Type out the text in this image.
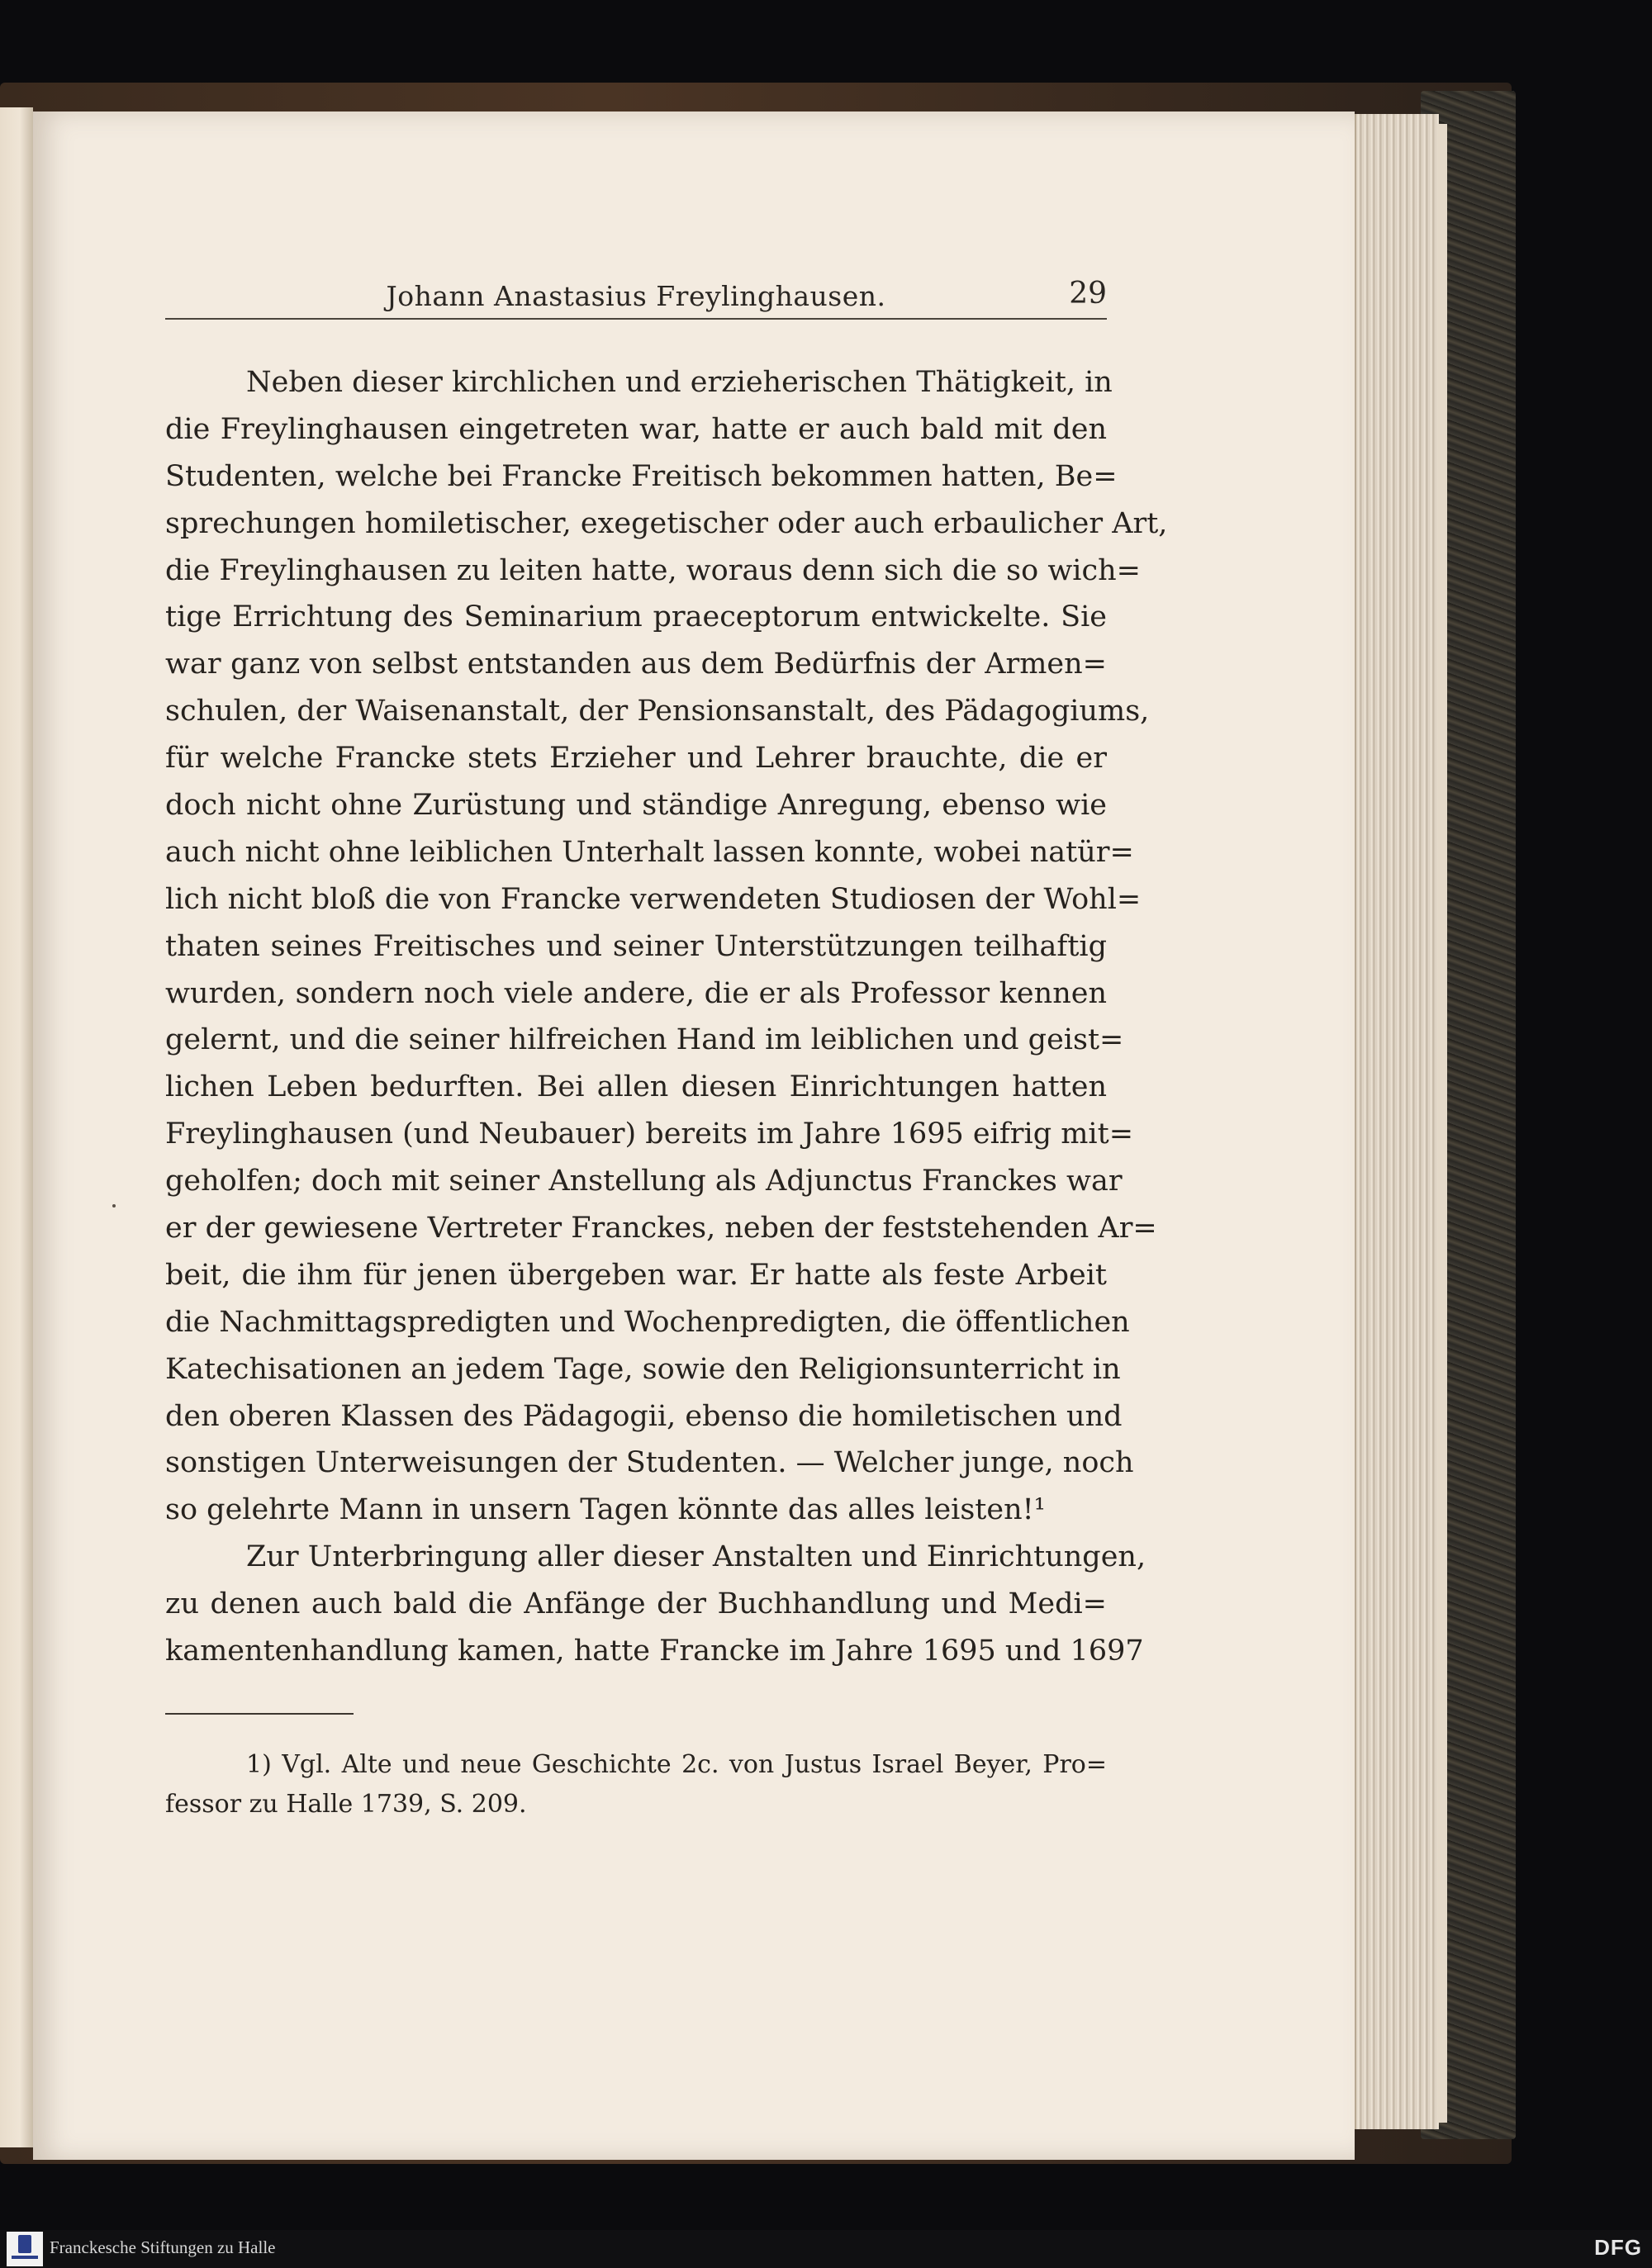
Johann Anastasius Freylinghausen.	29
Neben dieser kirchlichen und erzieherischen Thätigkeit, in
die Freylinghausen eingetreten war, hatte er auch bald mit den
Studenten, welche bei Francke Freitisch bekommen hatten, Be=
sprechungen homiletischer, exegetischer oder auch erbaulicher Art,
die Freylinghausen zu leiten hatte, woraus denn sich die so wich=
tige Errichtung des Seminarium praeceptorum entwickelte. Sie
war ganz von selbst entstanden aus dem Bedürfnis der Armen=
schulen, der Waisenanstalt, der Pensionsanstalt, des Pädagogiums,
für welche Francke stets Erzieher und Lehrer brauchte, die er
doch nicht ohne Zurüstung und ständige Anregung, ebenso wie
auch nicht ohne leiblichen Unterhalt lassen konnte, wobei natür=
lich nicht bloß die von Francke verwendeten Studiosen der Wohl=
thaten seines Freitisches und seiner Unterstützungen teilhaftig
wurden, sondern noch viele andere, die er als Professor kennen
gelernt, und die seiner hilfreichen Hand im leiblichen und geist=
lichen Leben bedurften. Bei allen diesen Einrichtungen hatten
Freylinghausen (und Neubauer) bereits im Jahre 1695 eifrig mit=
geholfen; doch mit seiner Anstellung als Adjunctus Franckes war
er der gewiesene Vertreter Franckes, neben der feststehenden Ar=
beit, die ihm für jenen übergeben war. Er hatte als feste Arbeit
die Nachmittagspredigten und Wochenpredigten, die öffentlichen
Katechisationen an jedem Tage, sowie den Religionsunterricht in
den oberen Klassen des Pädagogii, ebenso die homiletischen und
sonstigen Unterweisungen der Studenten. — Welcher junge, noch
so gelehrte Mann in unsern Tagen könnte das alles leisten!¹
Zur Unterbringung aller dieser Anstalten und Einrichtungen,
zu denen auch bald die Anfänge der Buchhandlung und Medi=
kamentenhandlung kamen, hatte Francke im Jahre 1695 und 1697
1) Vgl. Alte und neue Geschichte 2c. von Justus Israel Beyer, Pro=
fessor zu Halle 1739, S. 209.
Franckesche Stiftungen zu Halle	DFG
